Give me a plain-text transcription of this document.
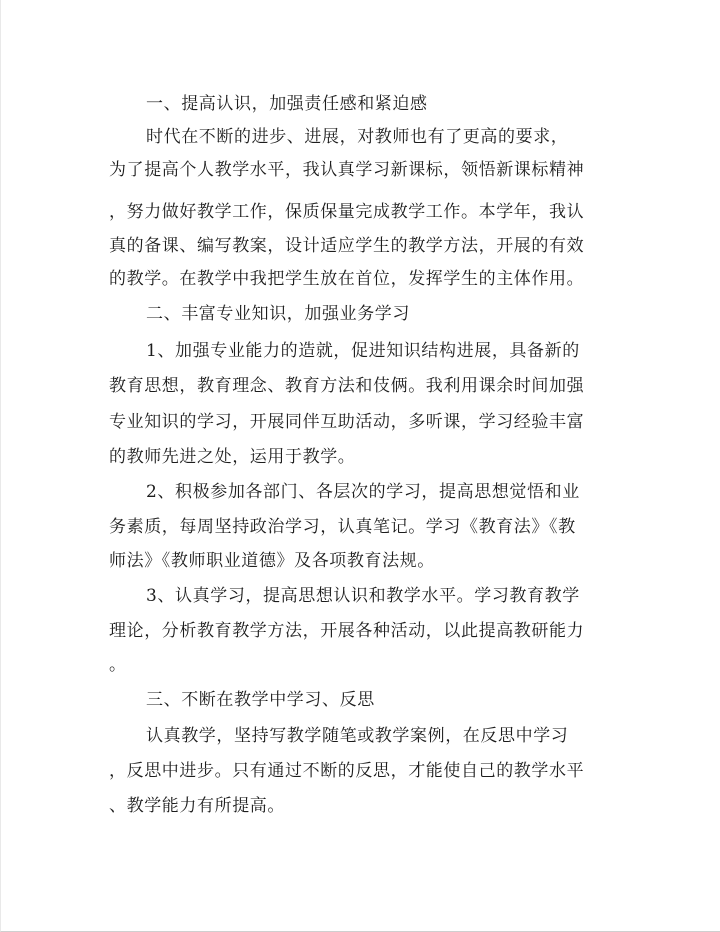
一、提高认识，加强责任感和紧迫感
时代在不断的进步、进展，对教师也有了更高的要求，
为了提高个人教学水平，我认真学习新课标，领悟新课标精神
，努力做好教学工作，保质保量完成教学工作。本学年，我认
真的备课、编写教案，设计适应学生的教学方法，开展的有效
的教学。在教学中我把学生放在首位，发挥学生的主体作用。
二、丰富专业知识，加强业务学习
1、加强专业能力的造就，促进知识结构进展，具备新的
教育思想，教育理念、教育方法和伎俩。我利用课余时间加强
专业知识的学习，开展同伴互助活动，多听课，学习经验丰富
的教师先进之处，运用于教学。
2、积极参加各部门、各层次的学习，提高思想觉悟和业
务素质，每周坚持政治学习，认真笔记。学习《教育法》《教
师法》《教师职业道德》及各项教育法规。
3、认真学习，提高思想认识和教学水平。学习教育教学
理论，分析教育教学方法，开展各种活动，以此提高教研能力
。
三、不断在教学中学习、反思
认真教学，坚持写教学随笔或教学案例，在反思中学习
，反思中进步。只有通过不断的反思，才能使自己的教学水平
、教学能力有所提高。
